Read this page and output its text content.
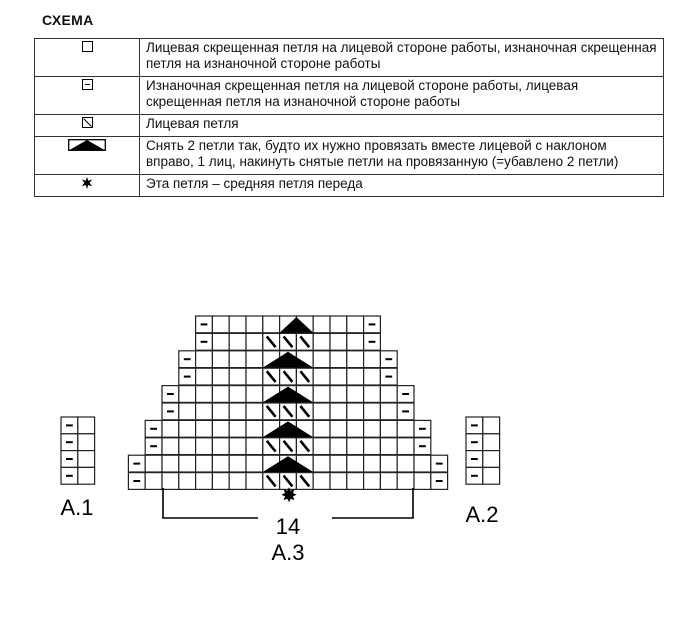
СХЕМА
	Лицевая скрещенная петля на лицевой стороне работы, изнаночная скрещенная петля на изнаночной стороне работы
	Изнаночная скрещенная петля на лицевой стороне работы, лицевая скрещенная петля на изнаночной стороне работы
	Лицевая петля
	Снять 2 петли так, будто их нужно провязать вместе лицевой с наклоном вправо, 1 лиц, накинуть снятые петли на провязанную (=убавлено 2 петли)
	Эта петля – средняя петля переда
✸
14
A.3
A.1	A.2
